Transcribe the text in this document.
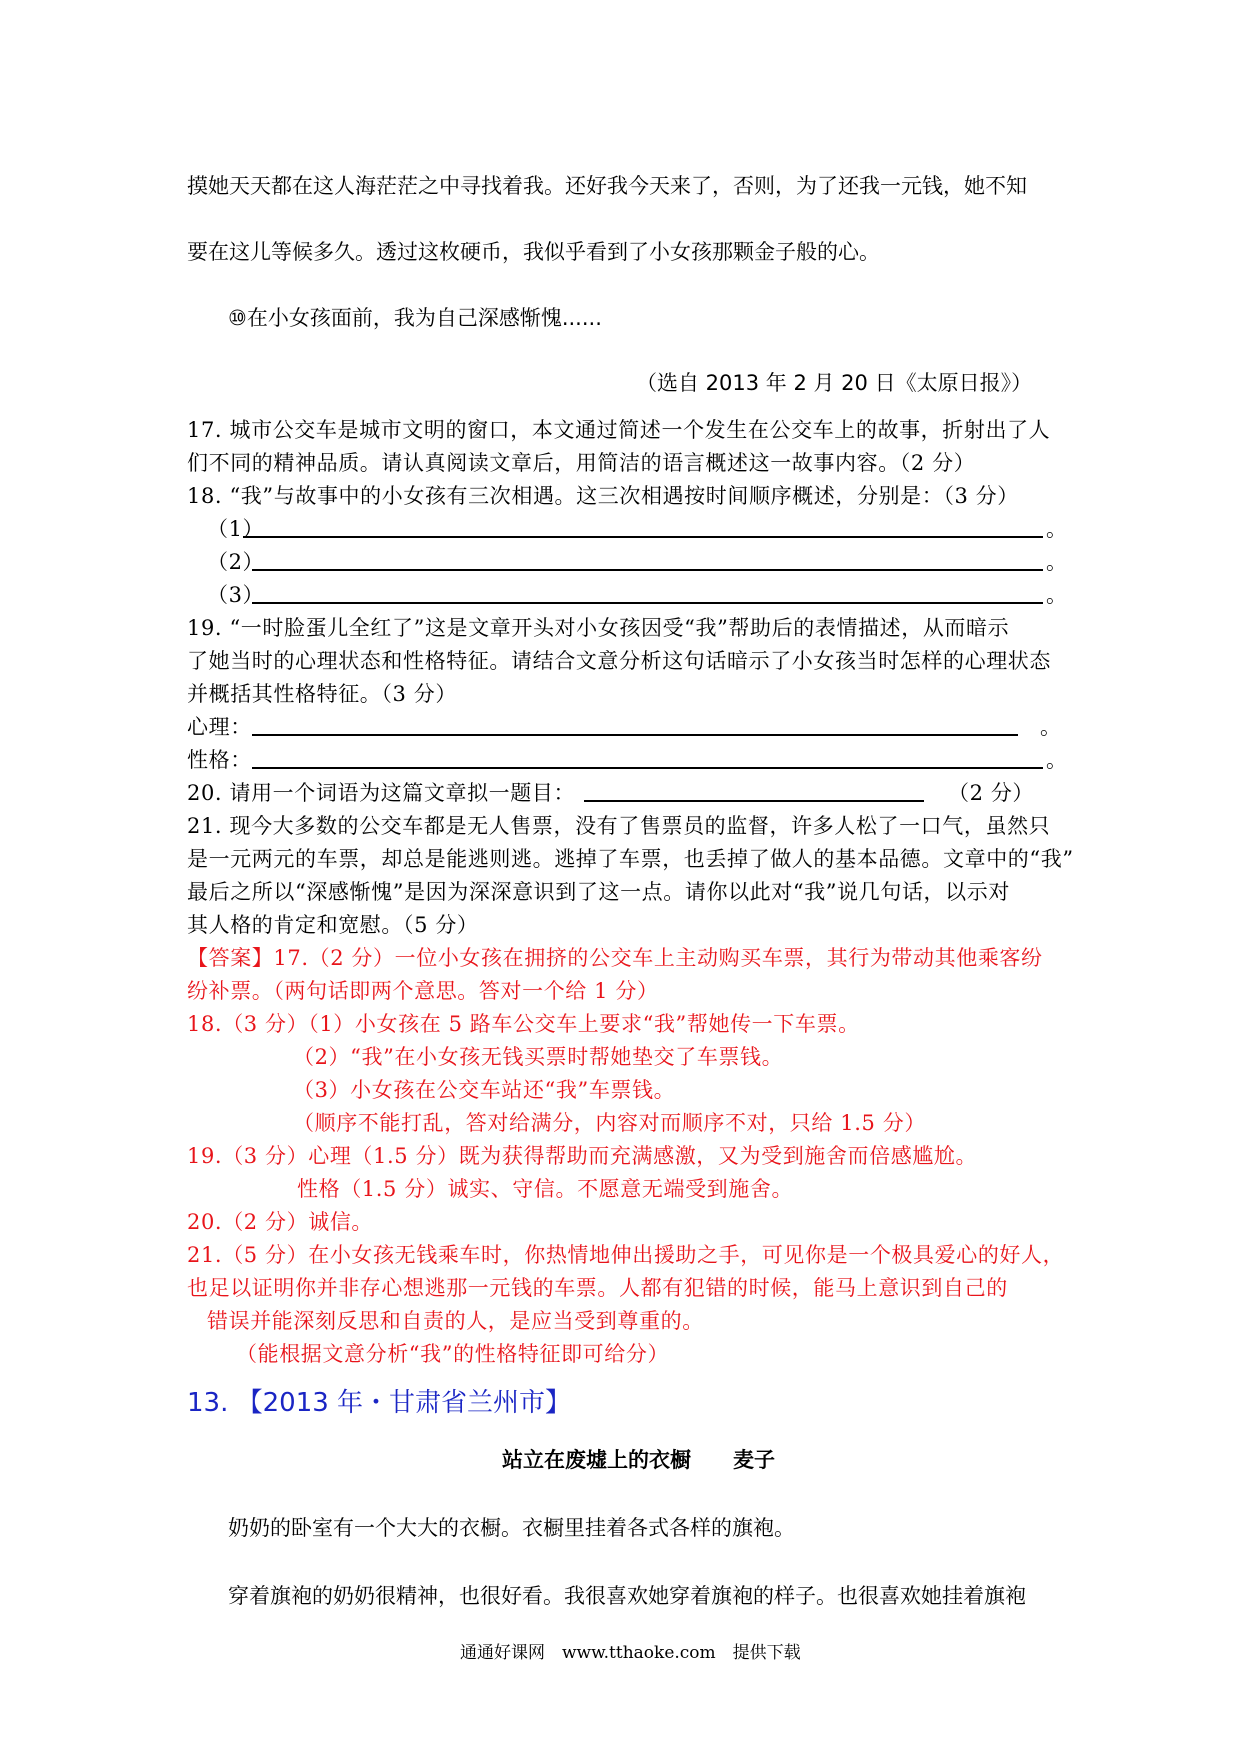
摸她天天都在这人海茫茫之中寻找着我。还好我今天来了，否则，为了还我一元钱，她不知
要在这儿等候多久。透过这枚硬币，我似乎看到了小女孩那颗金子般的心。
⑩在小女孩面前，我为自己深感惭愧......
（选自 2013 年 2 月 20 日《太原日报》）
17. 城市公交车是城市文明的窗口，本文通过简述一个发生在公交车上的故事，折射出了人
们不同的精神品质。请认真阅读文章后，用简洁的语言概述这一故事内容。（2 分）
18. “我”与故事中的小女孩有三次相遇。这三次相遇按时间顺序概述，分别是：（3 分）
（1）	。
（2）	。
（3）	。
19. “一时脸蛋儿全红了”这是文章开头对小女孩因受“我”帮助后的表情描述，从而暗示
了她当时的心理状态和性格特征。请结合文意分析这句话暗示了小女孩当时怎样的心理状态
并概括其性格特征。（3 分）
心理：	。
性格：	。
20. 请用一个词语为这篇文章拟一题目：	（2 分）
21. 现今大多数的公交车都是无人售票，没有了售票员的监督，许多人松了一口气，虽然只
是一元两元的车票，却总是能逃则逃。逃掉了车票，也丢掉了做人的基本品德。文章中的“我”
最后之所以“深感惭愧”是因为深深意识到了这一点。请你以此对“我”说几句话，以示对
其人格的肯定和宽慰。（5 分）
【答案】17.（2 分）一位小女孩在拥挤的公交车上主动购买车票，其行为带动其他乘客纷
纷补票。（两句话即两个意思。答对一个给 1 分）
18.（3 分）（1）小女孩在 5 路车公交车上要求“我”帮她传一下车票。
（2）“我”在小女孩无钱买票时帮她垫交了车票钱。
（3）小女孩在公交车站还“我”车票钱。
（顺序不能打乱，答对给满分，内容对而顺序不对，只给 1.5 分）
19.（3 分）心理（1.5 分）既为获得帮助而充满感激，又为受到施舍而倍感尴尬。
性格（1.5 分）诚实、守信。不愿意无端受到施舍。
20.（2 分）诚信。
21.（5 分）在小女孩无钱乘车时，你热情地伸出援助之手，可见你是一个极具爱心的好人，
也足以证明你并非存心想逃那一元钱的车票。人都有犯错的时候，能马上意识到自己的
错误并能深刻反思和自责的人，是应当受到尊重的。
（能根据文意分析“我”的性格特征即可给分）
13. 【2013 年・甘肃省兰州市】
站立在废墟上的衣橱　　麦子
奶奶的卧室有一个大大的衣橱。衣橱里挂着各式各样的旗袍。
穿着旗袍的奶奶很精神，也很好看。我很喜欢她穿着旗袍的样子。也很喜欢她挂着旗袍
通通好课网　www.tthaoke.com　提供下载
